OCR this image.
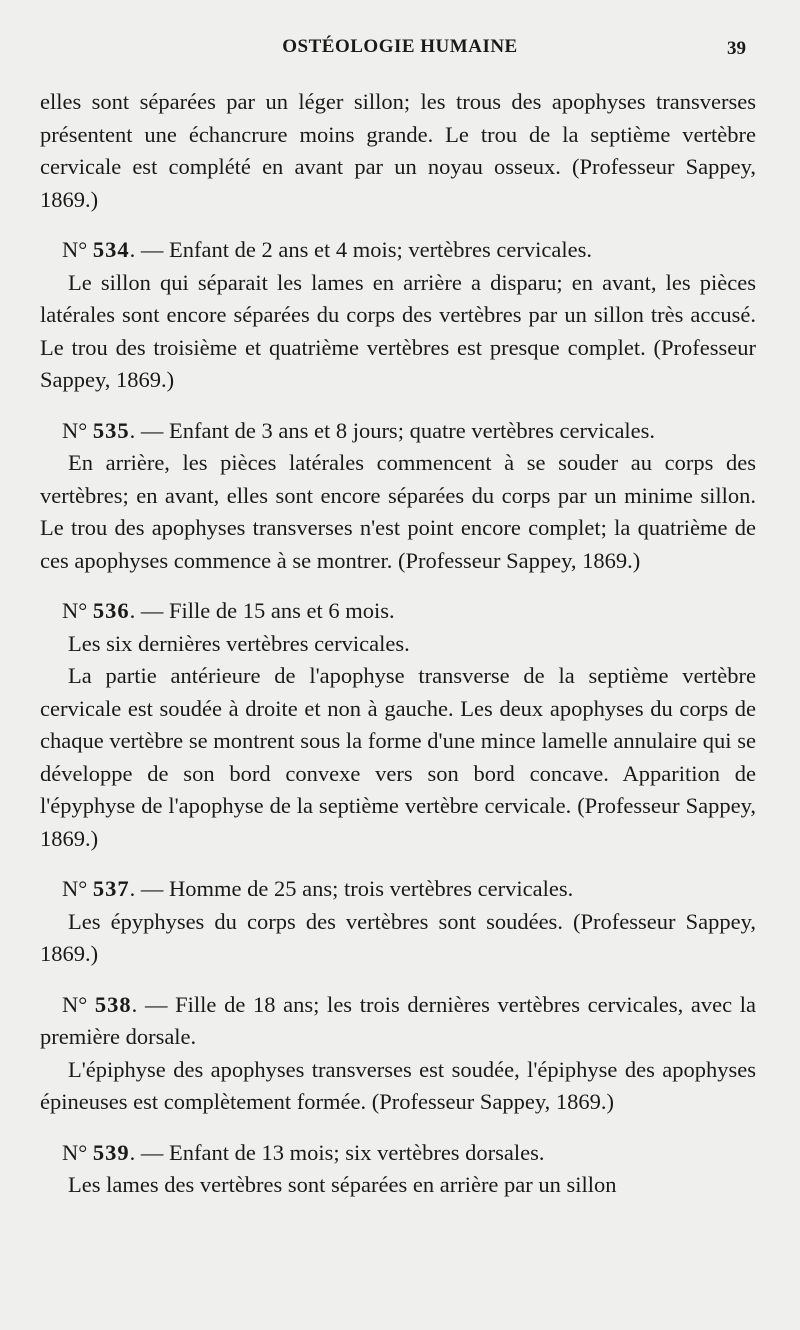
OSTÉOLOGIE HUMAINE	39

elles sont séparées par un léger sillon; les trous des apophyses transverses présentent une échancrure moins grande. Le trou de la septième vertèbre cervicale est complété en avant par un noyau osseux. (Professeur Sappey, 1869.)

N° 534. — Enfant de 2 ans et 4 mois; vertèbres cervicales.

Le sillon qui séparait les lames en arrière a disparu; en avant, les pièces latérales sont encore séparées du corps des vertèbres par un sillon très accusé. Le trou des troisième et quatrième vertèbres est presque complet. (Professeur Sappey, 1869.)

N° 535. — Enfant de 3 ans et 8 jours; quatre vertèbres cervicales.

En arrière, les pièces latérales commencent à se souder au corps des vertèbres; en avant, elles sont encore séparées du corps par un minime sillon. Le trou des apophyses transverses n'est point encore complet; la quatrième de ces apophyses commence à se montrer. (Professeur Sappey, 1869.)

N° 536. — Fille de 15 ans et 6 mois.

Les six dernières vertèbres cervicales.

La partie antérieure de l'apophyse transverse de la septième vertèbre cervicale est soudée à droite et non à gauche. Les deux apophyses du corps de chaque vertèbre se montrent sous la forme d'une mince lamelle annulaire qui se développe de son bord convexe vers son bord concave. Apparition de l'épyphyse de l'apophyse de la septième vertèbre cervicale. (Professeur Sappey, 1869.)

N° 537. — Homme de 25 ans; trois vertèbres cervicales.

Les épyphyses du corps des vertèbres sont soudées. (Professeur Sappey, 1869.)

N° 538. — Fille de 18 ans; les trois dernières vertèbres cervicales, avec la première dorsale.

L'épiphyse des apophyses transverses est soudée, l'épiphyse des apophyses épineuses est complètement formée. (Professeur Sappey, 1869.)

N° 539. — Enfant de 13 mois; six vertèbres dorsales.

Les lames des vertèbres sont séparées en arrière par un sillon
